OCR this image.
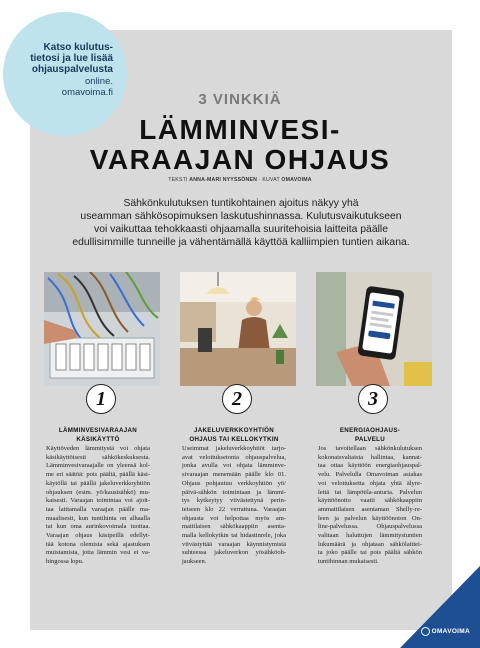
Katso kulutus-
tietosi ja lue lisää
ohjauspalvelusta
online.
omavoima.fi	3 VINKKIÄ
LÄMMINVESI-
VARAAJAN OHJAUS
TEKSTI ANNA-MARI NYYSSÖNEN · KUVAT OMAVOIMA
Sähkönkulutuksen tuntikohtainen ajoitus näkyy yhä
useamman sähkösopimuksen laskutushinnassa. Kulutusvaikutukseen
voi vaikuttaa tehokkaasti ohjaamalla suuritehoisia laitteita päälle
edullisimmille tunneille ja vähentämällä käyttöä kalliimpien tuntien aikana.
1	2	3
LÄMMINVESIVARAAJAN
KÄSIKÄYTTÖ
Käyttöveden lämmitystä voi ohjata
käsikäyttöisesti sähkökeskuksesta.
Lämminvesivaraajalle on yleensä kol-
me eri säätöä: pois päältä, päällä käsi-
käytöllä tai päällä jakeluverkkoyhtiön
ohjauksen (esim. yö/kausisähkö) mu-
kaisesti. Varaajan toimintaa voi ajoit-
taa laittamalla varaajan päälle ma-
nuaalisesti, kun tuntihinta on alhaalla
tai kun oma aurinkovoimala tuottaa.
Varaajan ohjaus käsipeillä edellyt-
tää kotona olemista sekä ajastuksen
muistamista, jotta lämmin vesi ei va-
hingossa lopu.
JAKELUVERKKOYHTIÖN
OHJAUS TAI KELLOKYTKIN
Useimmat jakeluverkkoyhtiöt tarjo-
avat veloituksetonta ohjauspalvelua,
jonka avulla voi ohjata lämminve-
sivaraajan menemään päälle klo 01.
Ohjaus pohjautuu verkkoyhtiön yö/
päivä-sähkön toimintaan ja lämmi-
tys kytkeytyy viivästettynä perin-
teiseen klo 22 verrattuna. Varaajan
ohjausta voi helpottaa myös am-
mattilaisen sähkökaappiin asenta-
malla kellokytkin tai hidastinrele, joka
viivästyttää varaajan käynnistymistä
suhteessa jakeluverkon yösähköoh-
jaukseen.
ENERGIAOHJAUS-
PALVELU
Jos tavoitellaan sähkönkulutuksen
kokonaisvaltaista hallintaa, kannat-
taa ottaa käyttöön energiaohjauspal-
velu. Palvelulla Omavoiman asiakas
voi veloituksetta ohjata yhtä älyre-
lettä tai lämpötila-anturia. Palvelun
käyttöönotto vaatii sähkökaappiin
ammattilaisen asentaman Shelly-re-
leen ja palvelun käyttöönoton On-
line-palvelussa. Ohjauspalvelussa
valitaan haluttujen lämmitystuntien
lukumäärä ja ohjataan sähkölaittei-
ta joko päälle tai pois päältä sähkön
tuntihinnan mukaisesti.
OMAVOIMA
